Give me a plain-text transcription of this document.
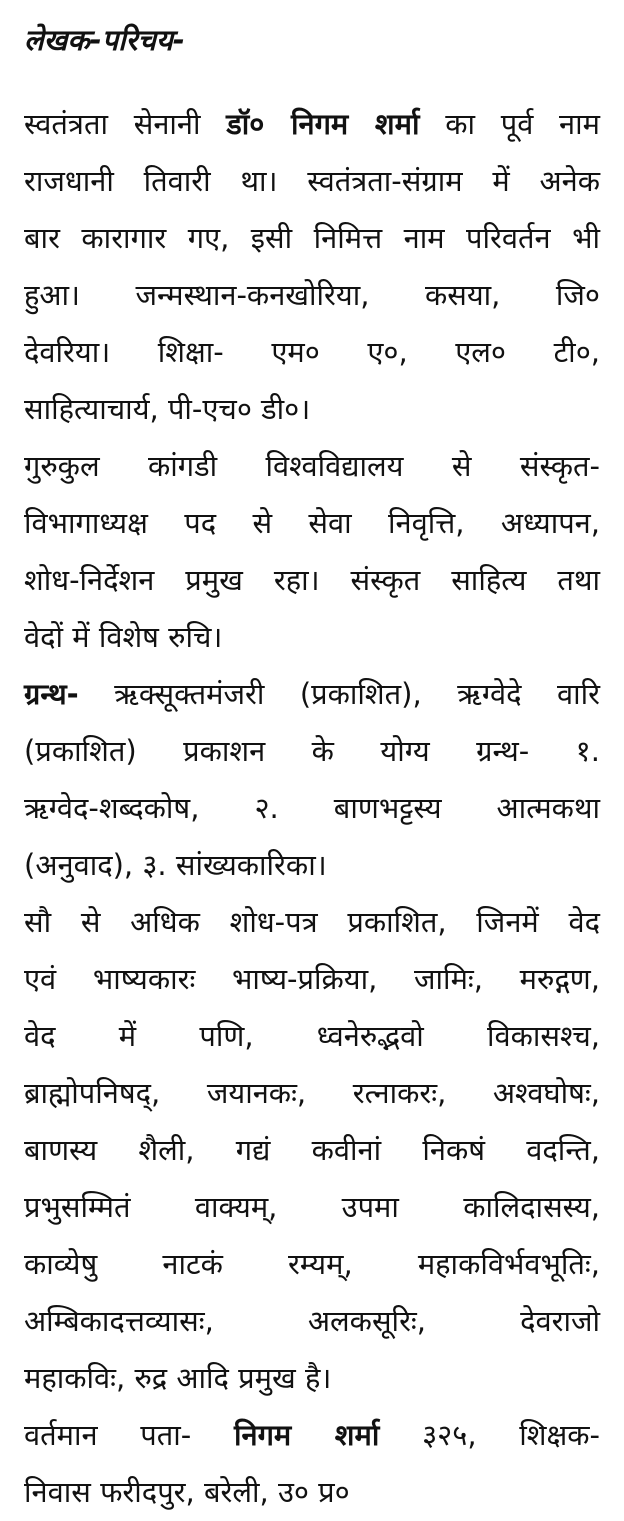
लेखक-परिचय-
स्वतंत्रता सेनानी डॉ० निगम शर्मा का पूर्व नाम
राजधानी तिवारी था। स्वतंत्रता-संग्राम में अनेक
बार कारागार गए, इसी निमित्त नाम परिवर्तन भी
हुआ। जन्मस्थान-कनखोरिया, कसया, जि०
देवरिया। शिक्षा- एम० ए०, एल० टी०,
साहित्याचार्य, पी-एच० डी०।
गुरुकुल कांगडी विश्वविद्यालय से संस्कृत-
विभागाध्यक्ष पद से सेवा निवृत्ति, अध्यापन,
शोध-निर्देशन प्रमुख रहा। संस्कृत साहित्य तथा
वेदों में विशेष रुचि।
ग्रन्थ- ऋक्सूक्तमंजरी (प्रकाशित), ऋग्वेदे वारि
(प्रकाशित) प्रकाशन के योग्य ग्रन्थ- १.
ऋग्वेद-शब्दकोष, २. बाणभट्टस्य आत्मकथा
(अनुवाद), ३. सांख्यकारिका।
सौ से अधिक शोध-पत्र प्रकाशित, जिनमें वेद
एवं भाष्यकारः भाष्य-प्रक्रिया, जामिः, मरुद्गण,
वेद में पणि, ध्वनेरुद्भवो विकासश्च,
ब्राह्मोपनिषद्, जयानकः, रत्नाकरः, अश्वघोषः,
बाणस्य शैली, गद्यं कवीनां निकषं वदन्ति,
प्रभुसम्मितं वाक्यम्, उपमा कालिदासस्य,
काव्येषु नाटकं रम्यम्, महाकविर्भवभूतिः,
अम्बिकादत्तव्यासः, अलकसूरिः, देवराजो
महाकविः, रुद्र आदि प्रमुख है।
वर्तमान पता- निगम शर्मा ३२५, शिक्षक-
निवास फरीदपुर, बरेली, उ० प्र०
